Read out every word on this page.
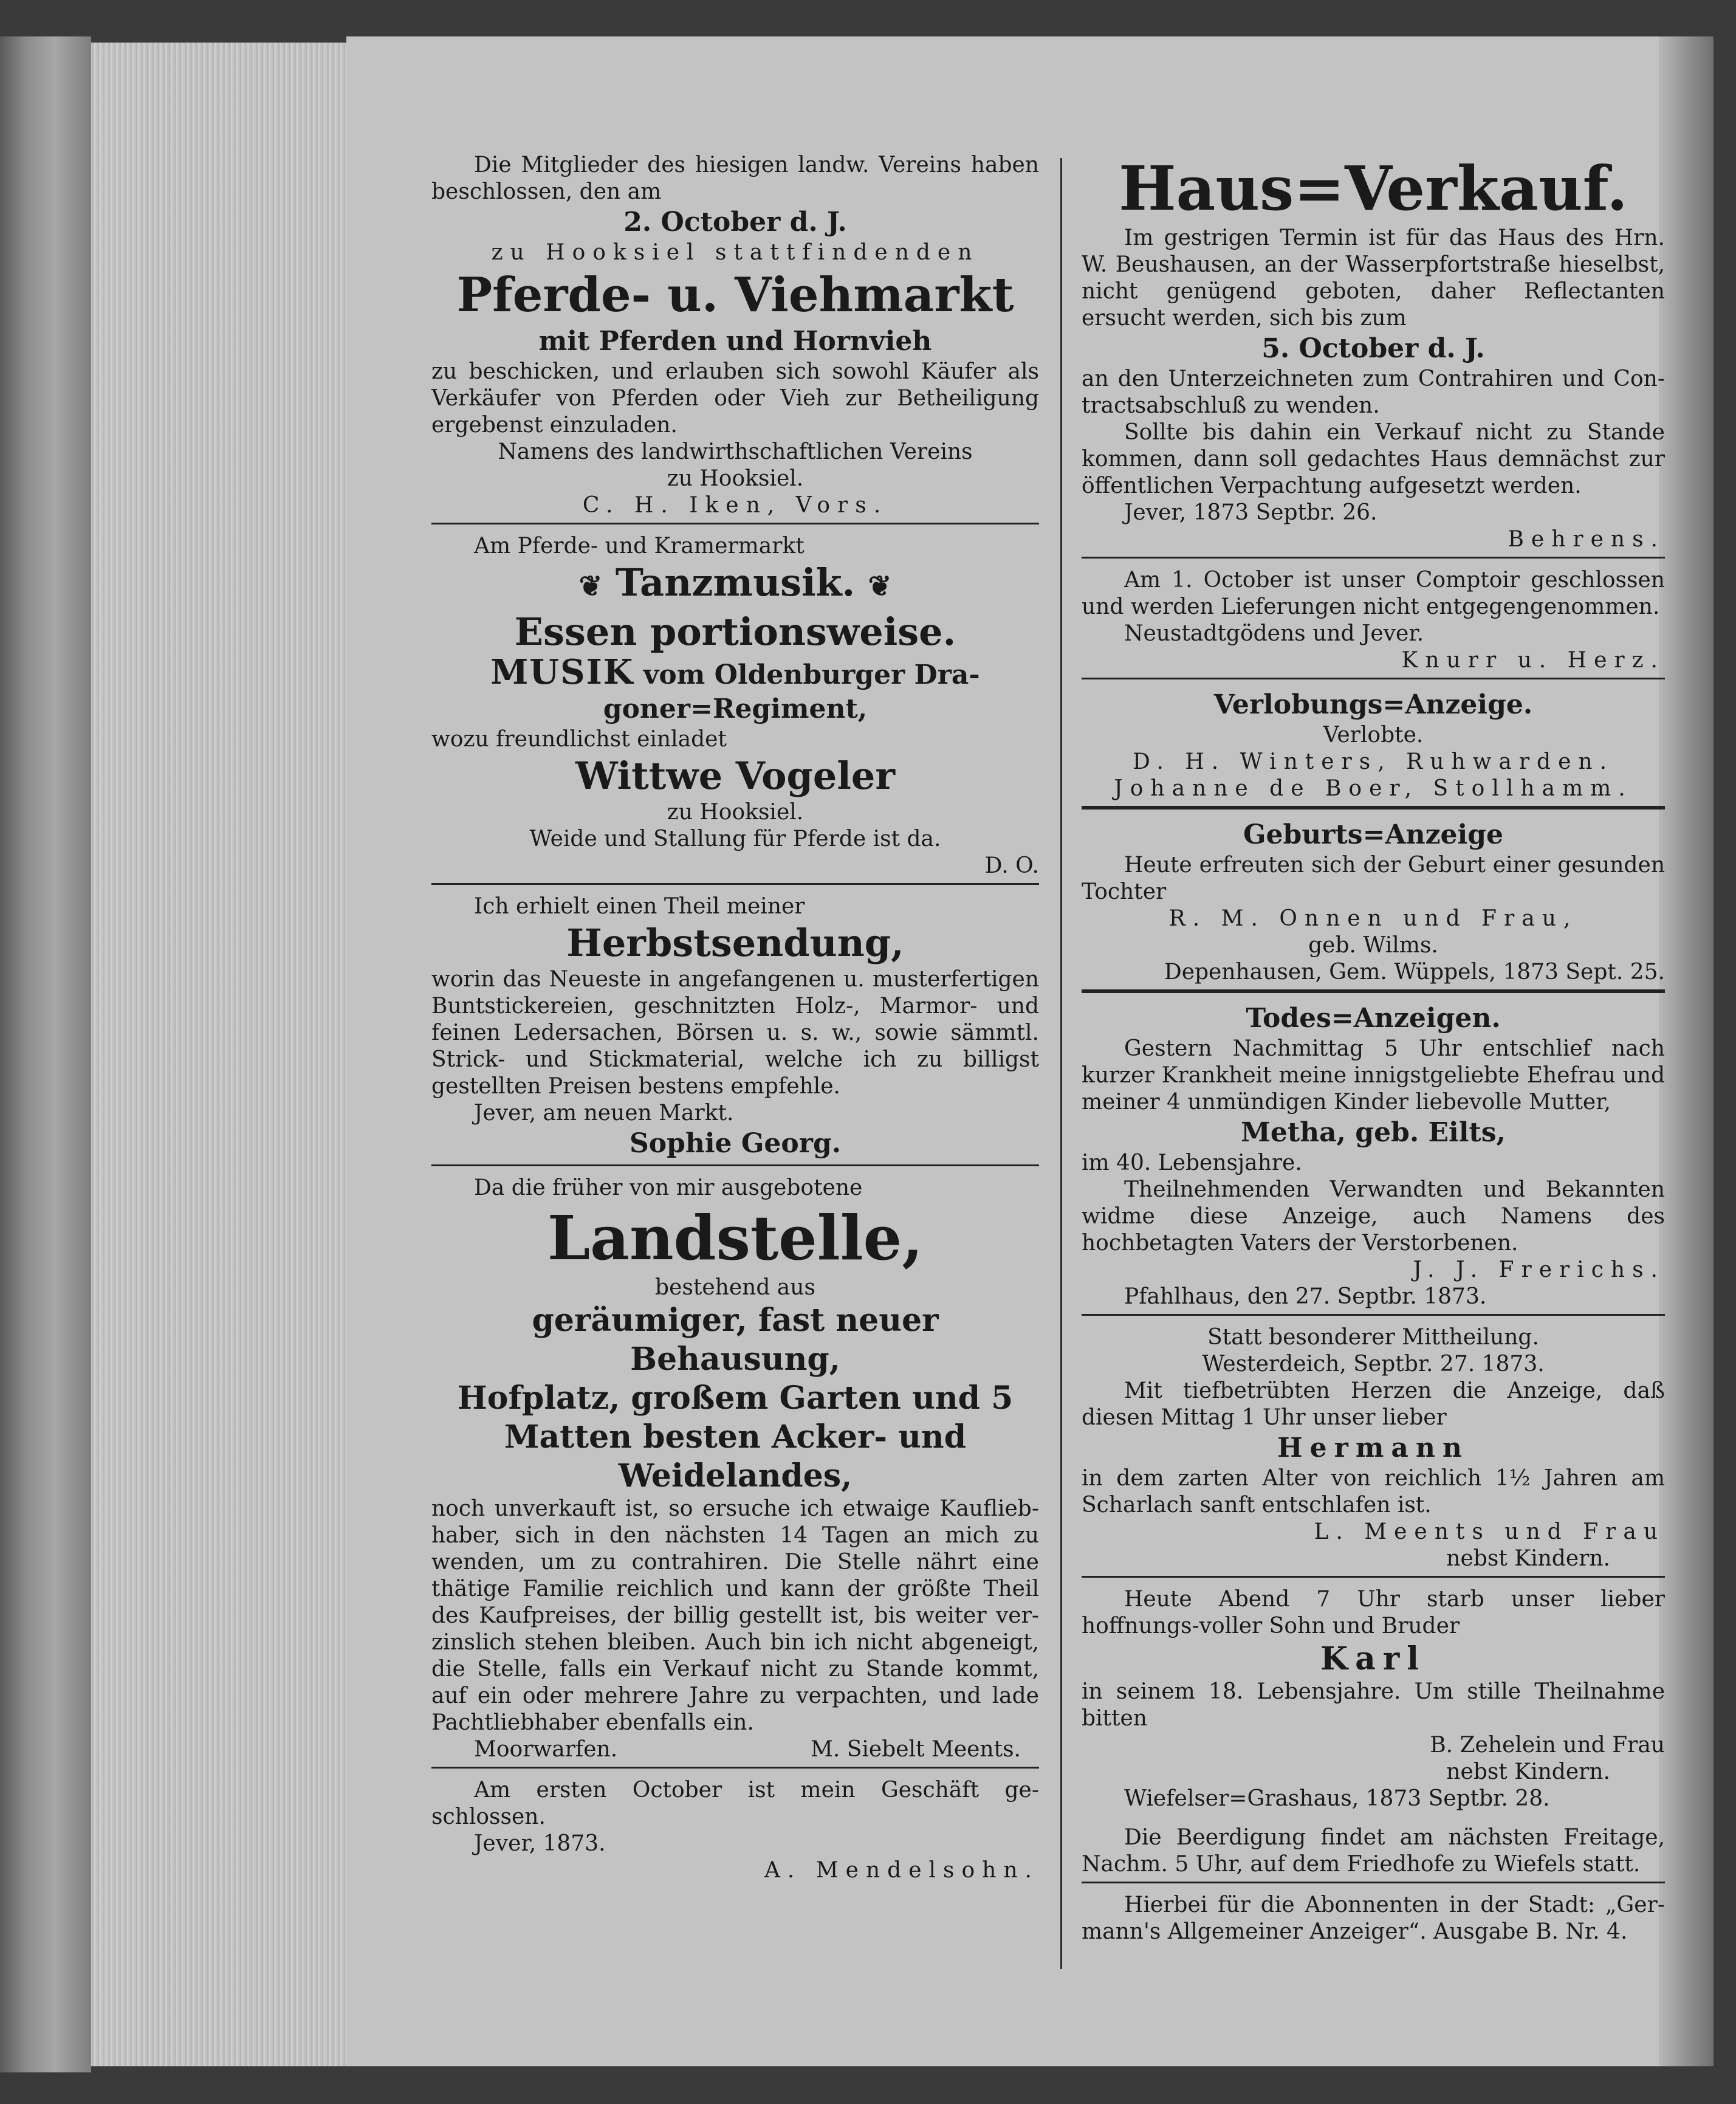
Die Mitglieder des hiesigen landw. Vereins haben beschlossen, den am

2. October d. J.

zu Hooksiel stattfindenden

Pferde- u. Viehmarkt

mit Pferden und Hornvieh

zu beschicken, und erlauben sich sowohl Käufer als Verkäufer von Pferden oder Vieh zur Betheiligung ergebenst einzuladen.

Namens des landwirthschaftlichen Vereins

zu Hooksiel.

C. H. Iken, Vors.

Am Pferde- und Kramermarkt

❦ Tanzmusik. ❦

Essen portionsweise.

MUSIK vom Oldenburger Dra-

goner=Regiment,

wozu freundlichst einladet

Wittwe Vogeler

zu Hooksiel.

Weide und Stallung für Pferde ist da.

D. O.

Ich erhielt einen Theil meiner

Herbstsendung,

worin das Neueste in angefangenen u. musterfertigen Buntstickereien, geschnitzten Holz-, Marmor- und feinen Ledersachen, Börsen u. s. w., sowie sämmtl. Strick- und Stickmaterial, welche ich zu billigst gestellten Preisen bestens empfehle.

Jever, am neuen Markt.

Sophie Georg.

Da die früher von mir ausgebotene

Landstelle,

bestehend aus

geräumiger, fast neuer Behausung,

Hofplatz, großem Garten und 5

Matten besten Acker- und

Weidelandes,

noch unverkauft ist, so ersuche ich etwaige Kauflieb-haber, sich in den nächsten 14 Tagen an mich zu wenden, um zu contrahiren. Die Stelle nährt eine thätige Familie reichlich und kann der größte Theil des Kaufpreises, der billig gestellt ist, bis weiter ver-zinslich stehen bleiben. Auch bin ich nicht abgeneigt, die Stelle, falls ein Verkauf nicht zu Stande kommt, auf ein oder mehrere Jahre zu verpachten, und lade Pachtliebhaber ebenfalls ein.

Moorwarfen.	M. Siebelt Meents.

Am ersten October ist mein Geschäft ge-schlossen.

Jever, 1873.

A. Mendelsohn.

Haus=Verkauf.

Im gestrigen Termin ist für das Haus des Hrn. W. Beushausen, an der Wasserpfortstraße hieselbst, nicht genügend geboten, daher Reflectanten ersucht werden, sich bis zum

5. October d. J.

an den Unterzeichneten zum Contrahiren und Con-tractsabschluß zu wenden.

Sollte bis dahin ein Verkauf nicht zu Stande kommen, dann soll gedachtes Haus demnächst zur öffentlichen Verpachtung aufgesetzt werden.

Jever, 1873 Septbr. 26.

Behrens.

Am 1. October ist unser Comptoir geschlossen und werden Lieferungen nicht entgegengenommen.

Neustadtgödens und Jever.

Knurr u. Herz.

Verlobungs=Anzeige.

Verlobte.

D. H. Winters, Ruhwarden.

Johanne de Boer, Stollhamm.

Geburts=Anzeige

Heute erfreuten sich der Geburt einer gesunden Tochter

R. M. Onnen und Frau,

geb. Wilms.

Depenhausen, Gem. Wüppels, 1873 Sept. 25.

Todes=Anzeigen.

Gestern Nachmittag 5 Uhr entschlief nach kurzer Krankheit meine innigstgeliebte Ehefrau und meiner 4 unmündigen Kinder liebevolle Mutter,

Metha, geb. Eilts,

im 40. Lebensjahre.

Theilnehmenden Verwandten und Bekannten widme diese Anzeige, auch Namens des hochbetagten Vaters der Verstorbenen.

J. J. Frerichs.

Pfahlhaus, den 27. Septbr. 1873.

Statt besonderer Mittheilung.

Westerdeich, Septbr. 27. 1873.

Mit tiefbetrübten Herzen die Anzeige, daß diesen Mittag 1 Uhr unser lieber

Hermann

in dem zarten Alter von reichlich 1½ Jahren am Scharlach sanft entschlafen ist.

L. Meents und Frau

nebst Kindern.

Heute Abend 7 Uhr starb unser lieber hoffnungs-voller Sohn und Bruder

Karl

in seinem 18. Lebensjahre. Um stille Theilnahme bitten

B. Zehelein und Frau

nebst Kindern.

Wiefelser=Grashaus, 1873 Septbr. 28.

Die Beerdigung findet am nächsten Freitage, Nachm. 5 Uhr, auf dem Friedhofe zu Wiefels statt.

Hierbei für die Abonnenten in der Stadt: „Ger-mann's Allgemeiner Anzeiger“. Ausgabe B. Nr. 4.
